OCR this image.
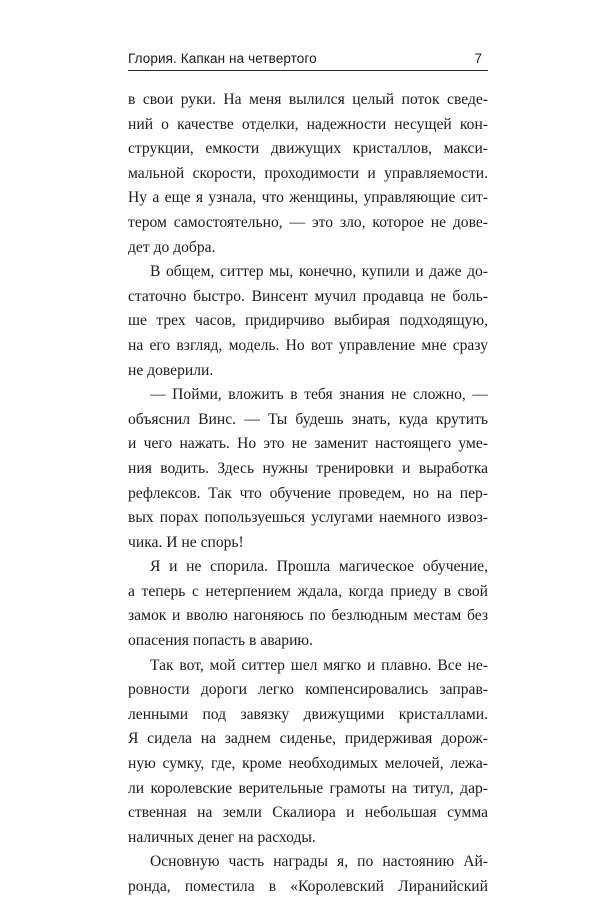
Глория. Капкан на четвертого	7
в свои руки. На меня вылился целый поток сведе-
ний о качестве отделки, надежности несущей кон-
струкции, емкости движущих кристаллов, макси-
мальной скорости, проходимости и управляемости.
Ну а еще я узнала, что женщины, управляющие сит-
тером самостоятельно, — это зло, которое не дове-
дет до добра.
В общем, ситтер мы, конечно, купили и даже до-
статочно быстро. Винсент мучил продавца не боль-
ше трех часов, придирчиво выбирая подходящую,
на его взгляд, модель. Но вот управление мне сразу
не доверили.
— Пойми, вложить в тебя знания не сложно, —
объяснил Винс. — Ты будешь знать, куда крутить
и чего нажать. Но это не заменит настоящего уме-
ния водить. Здесь нужны тренировки и выработка
рефлексов. Так что обучение проведем, но на пер-
вых порах попользуешься услугами наемного извоз-
чика. И не спорь!
Я и не спорила. Прошла магическое обучение,
а теперь с нетерпением ждала, когда приеду в свой
замок и вволю нагоняюсь по безлюдным местам без
опасения попасть в аварию.
Так вот, мой ситтер шел мягко и плавно. Все не-
ровности дороги легко компенсировались заправ-
ленными под завязку движущими кристаллами.
Я сидела на заднем сиденье, придерживая дорож-
ную сумку, где, кроме необходимых мелочей, лежа-
ли королевские верительные грамоты на титул, дар-
ственная на земли Скалиора и небольшая сумма
наличных денег на расходы.
Основную часть награды я, по настоянию Ай-
ронда, поместила в «Королевский Лиранийский
